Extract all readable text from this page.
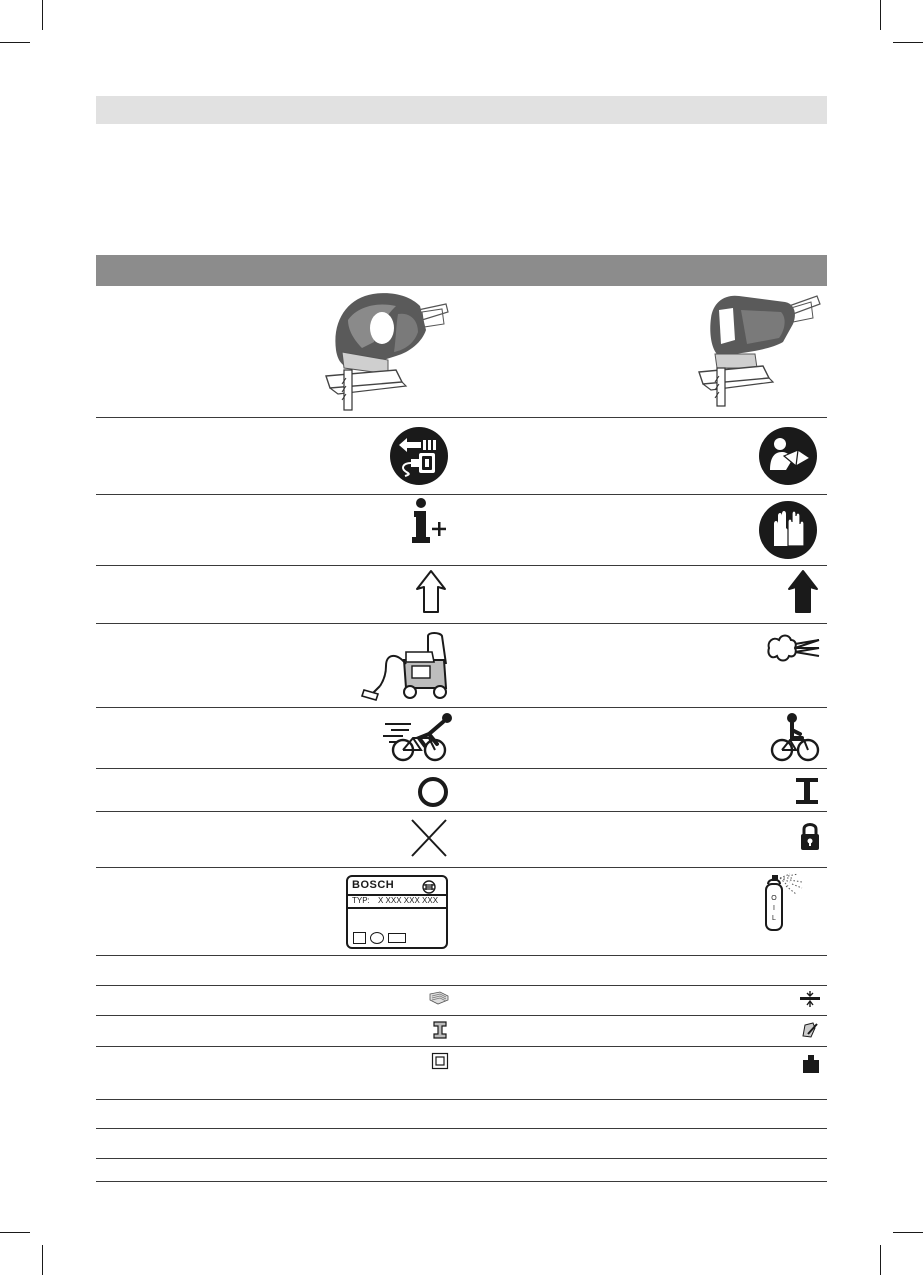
BOSCH
TYP: X XXX XXX XXX	O
I
L
